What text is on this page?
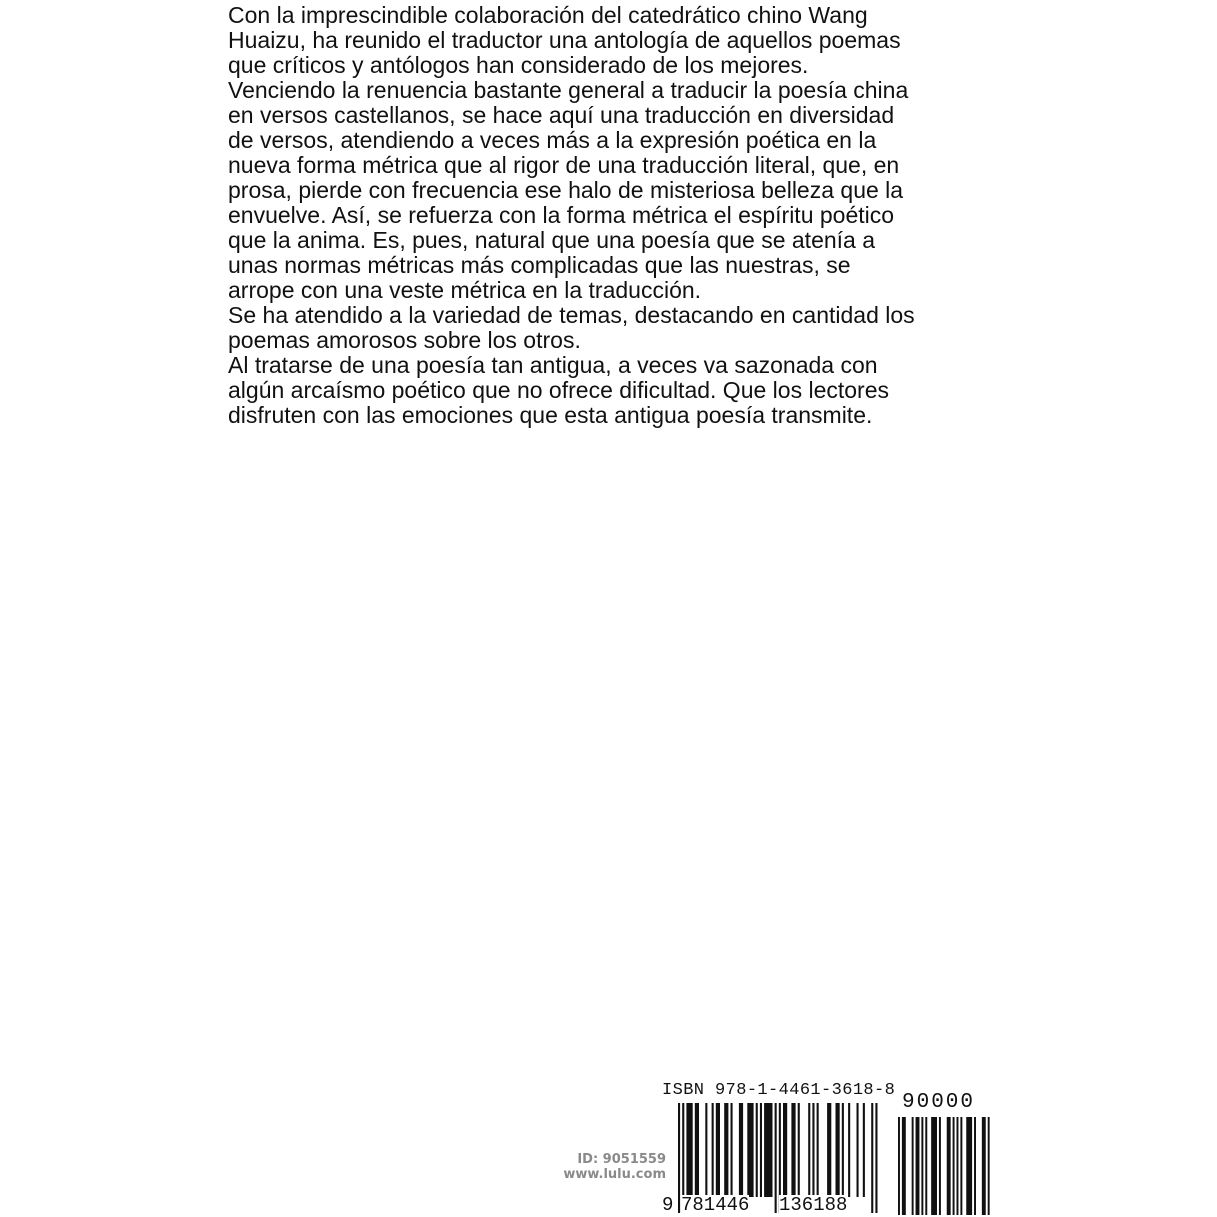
Con la imprescindible colaboración del catedrático chino Wang
Huaizu, ha reunido el traductor una antología de aquellos poemas
que críticos y antólogos han considerado de los mejores.
Venciendo la renuencia bastante general a traducir la poesía china
en versos castellanos, se hace aquí una traducción en diversidad
de versos, atendiendo a veces más a la expresión poética en la
nueva forma métrica que al rigor de una traducción literal, que, en
prosa, pierde con frecuencia ese halo de misteriosa belleza que la
envuelve. Así, se refuerza con la forma métrica el espíritu poético
que la anima. Es, pues, natural que una poesía que se atenía a
unas normas métricas más complicadas que las nuestras, se
arrope con una veste métrica en la traducción.
Se ha atendido a la variedad de temas, destacando en cantidad los
poemas amorosos sobre los otros.
Al tratarse de una poesía tan antigua, a veces va sazonada con
algún arcaísmo poético que no ofrece dificultad. Que los lectores
disfruten con las emociones que esta antigua poesía transmite.
ID: 9051559
www.lulu.com
ISBN 978-1-4461-3618-8
90000
9 781446 136188
